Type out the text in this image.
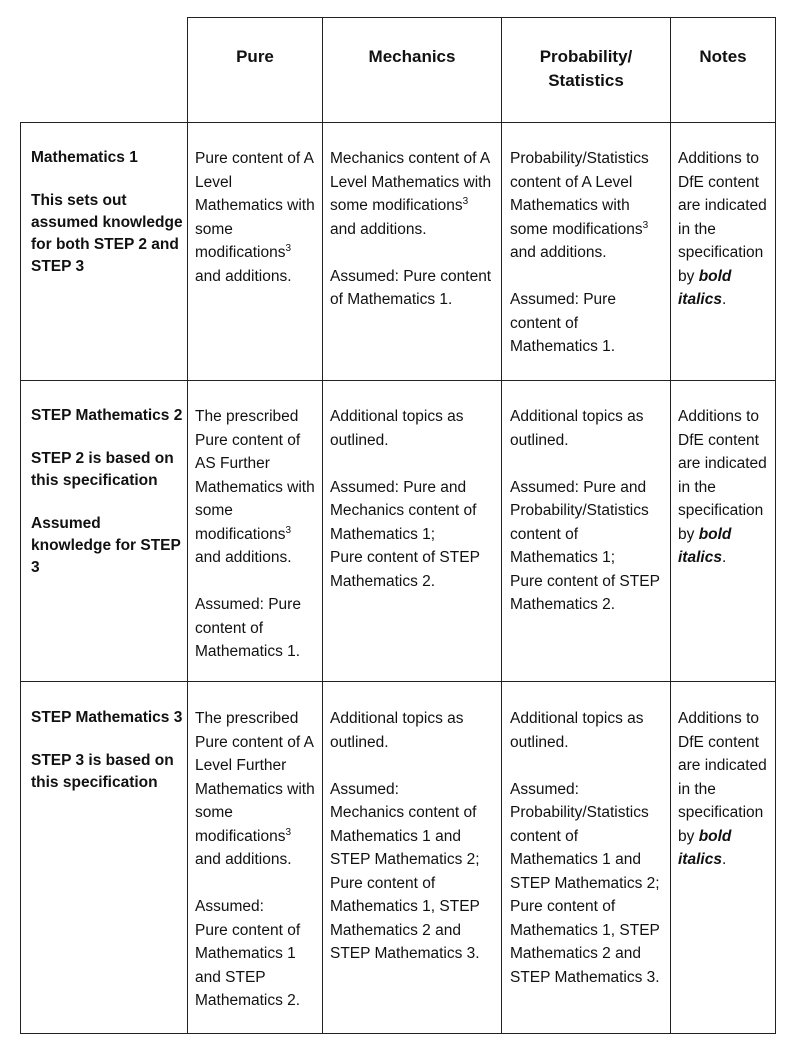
Pure	Mechanics	Probability/
Statistics
Notes

Mathematics 1

This sets out assumed knowledge for both STEP 2 and STEP 3

Pure content of A Level Mathematics with some modifications$^3$ and additions.

Mechanics content of A Level Mathematics with some modifications$^3$ and additions.

Assumed: Pure content of Mathematics 1.

Probability/Statistics content of A Level Mathematics with some modifications$^3$ and additions.

Assumed: Pure content of Mathematics 1.

Additions to DfE content are indicated in the specification by bold italics.

STEP Mathematics 2

STEP 2 is based on this specification

Assumed knowledge for STEP 3

The prescribed Pure content of AS Further Mathematics with some modifications$^3$ and additions.

Assumed: Pure content of Mathematics 1.

Additional topics as outlined.

Assumed: Pure and Mechanics content of Mathematics 1;
Pure content of STEP Mathematics 2.

Additional topics as outlined.

Assumed: Pure and Probability/Statistics content of Mathematics 1;
Pure content of STEP Mathematics 2.

Additions to DfE content are indicated in the specification by bold italics.

STEP Mathematics 3

STEP 3 is based on this specification

The prescribed Pure content of A Level Further Mathematics with some modifications$^3$ and additions.

Assumed:
Pure content of Mathematics 1 and STEP Mathematics 2.

Additional topics as outlined.

Assumed:
Mechanics content of Mathematics 1 and STEP Mathematics 2;
Pure content of Mathematics 1, STEP Mathematics 2 and STEP Mathematics 3.

Additional topics as outlined.

Assumed:
Probability/Statistics content of Mathematics 1 and STEP Mathematics 2;
Pure content of Mathematics 1, STEP Mathematics 2 and STEP Mathematics 3.

Additions to DfE content are indicated in the specification by bold italics.
